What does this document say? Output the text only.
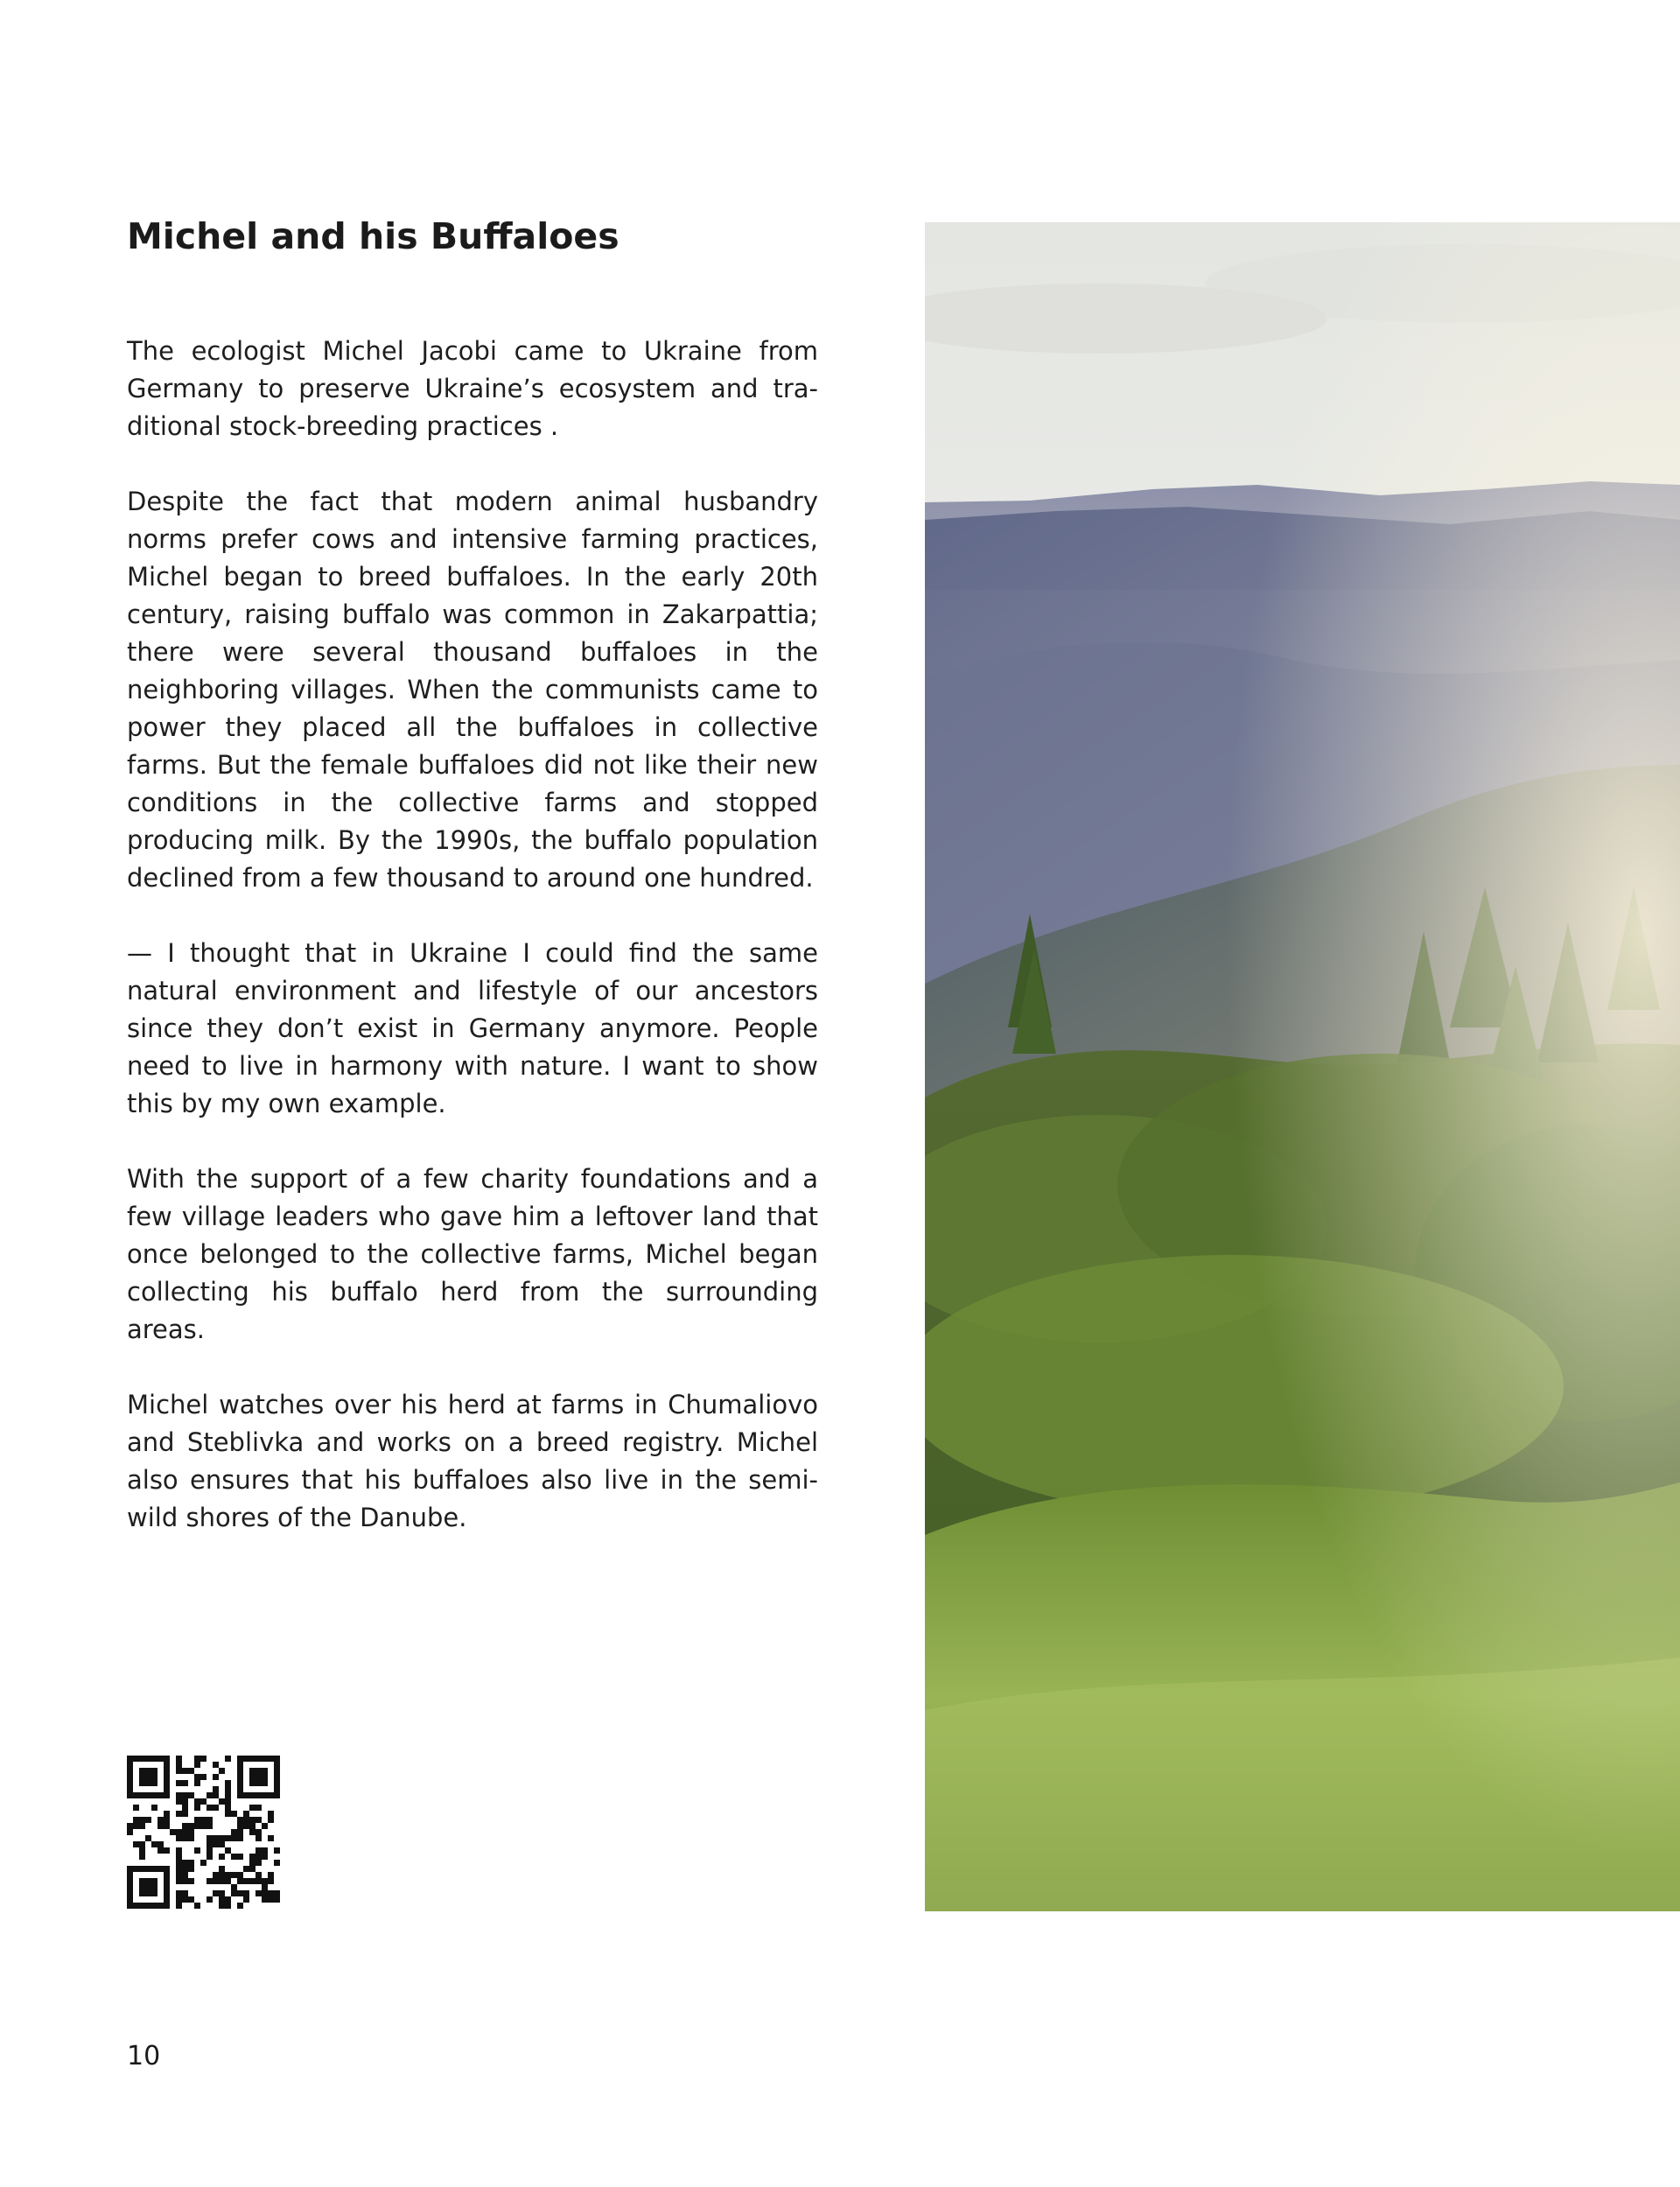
Michel and his Buffaloes

The ecologist Michel Jacobi came to Ukraine from Germany to preserve Ukraine’s ecosystem and traditional stock-breeding practices .

Despite the fact that modern animal husbandry norms prefer cows and intensive farming practices, Michel began to breed buffaloes. In the early 20th century, raising buffalo was common in Zakarpattia; there were several thousand buffaloes in the neighboring villages. When the communists came to power they placed all the buffaloes in collective farms. But the female buffaloes did not like their new conditions in the collective farms and stopped producing milk. By the 1990s, the buffalo population declined from a few thousand to around one hundred.

— I thought that in Ukraine I could find the same natural environment and lifestyle of our ancestors since they don’t exist in Germany anymore. People need to live in harmony with nature. I want to show this by my own example.

With the support of a few charity foundations and a few village leaders who gave him a leftover land that once belonged to the collective farms, Michel began collecting his buffalo herd from the surrounding areas.

Michel watches over his herd at farms in Chumaliovo and Steblivka and works on a breed registry. Michel also ensures that his buffaloes also live in the semiwild shores of the Danube.

10
